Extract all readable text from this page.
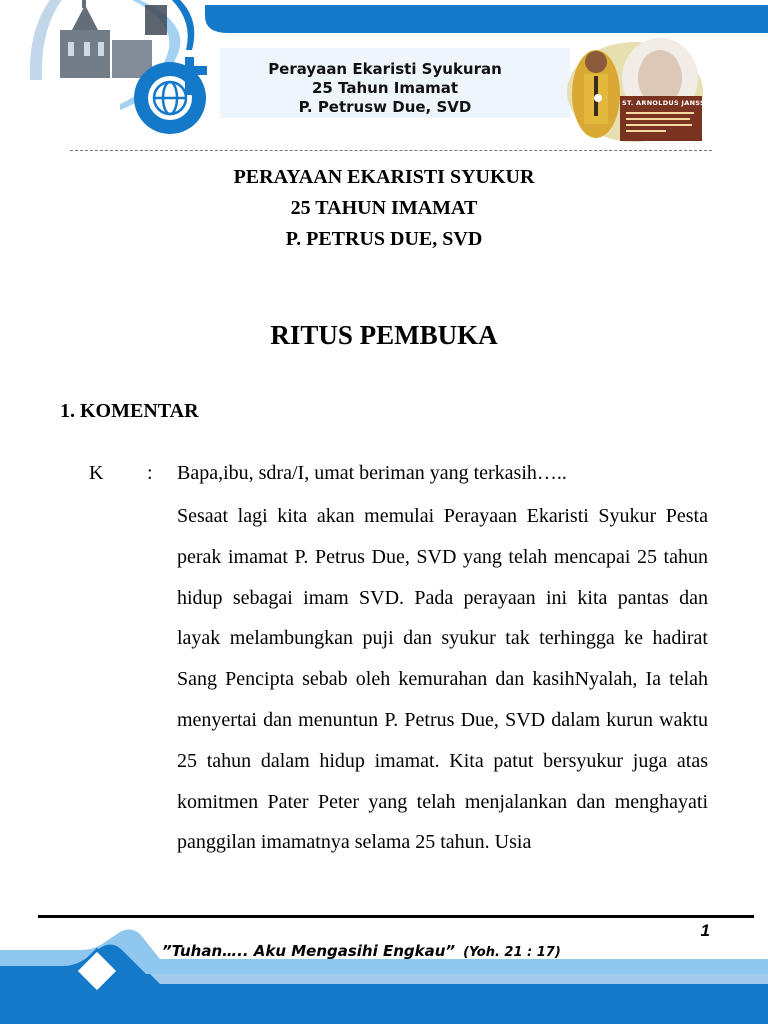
Perayaan Ekaristi Syukuran
25 Tahun Imamat
P. Petrusw Due, SVD	ST. ARNOLDUS JANSSEN
PERAYAAN EKARISTI SYUKUR
25 TAHUN IMAMAT
P. PETRUS DUE, SVD
RITUS PEMBUKA
1. KOMENTAR
K : Bapa,ibu, sdra/I, umat beriman yang terkasih…..

Sesaat lagi kita akan memulai Perayaan Ekaristi Syukur Pesta perak imamat P. Petrus Due, SVD yang telah mencapai 25 tahun hidup sebagai imam SVD. Pada perayaan ini kita pantas dan layak melambungkan puji dan syukur tak terhingga ke hadirat Sang Pencipta sebab oleh kemurahan dan kasihNyalah, Ia telah menyertai dan menuntun P. Petrus Due, SVD dalam kurun waktu 25 tahun dalam hidup imamat. Kita patut bersyukur juga atas komitmen Pater Peter yang telah menjalankan dan menghayati panggilan imamatnya selama 25 tahun. Usia

1
”Tuhan….. Aku Mengasihi Engkau” (Yoh. 21 : 17)
